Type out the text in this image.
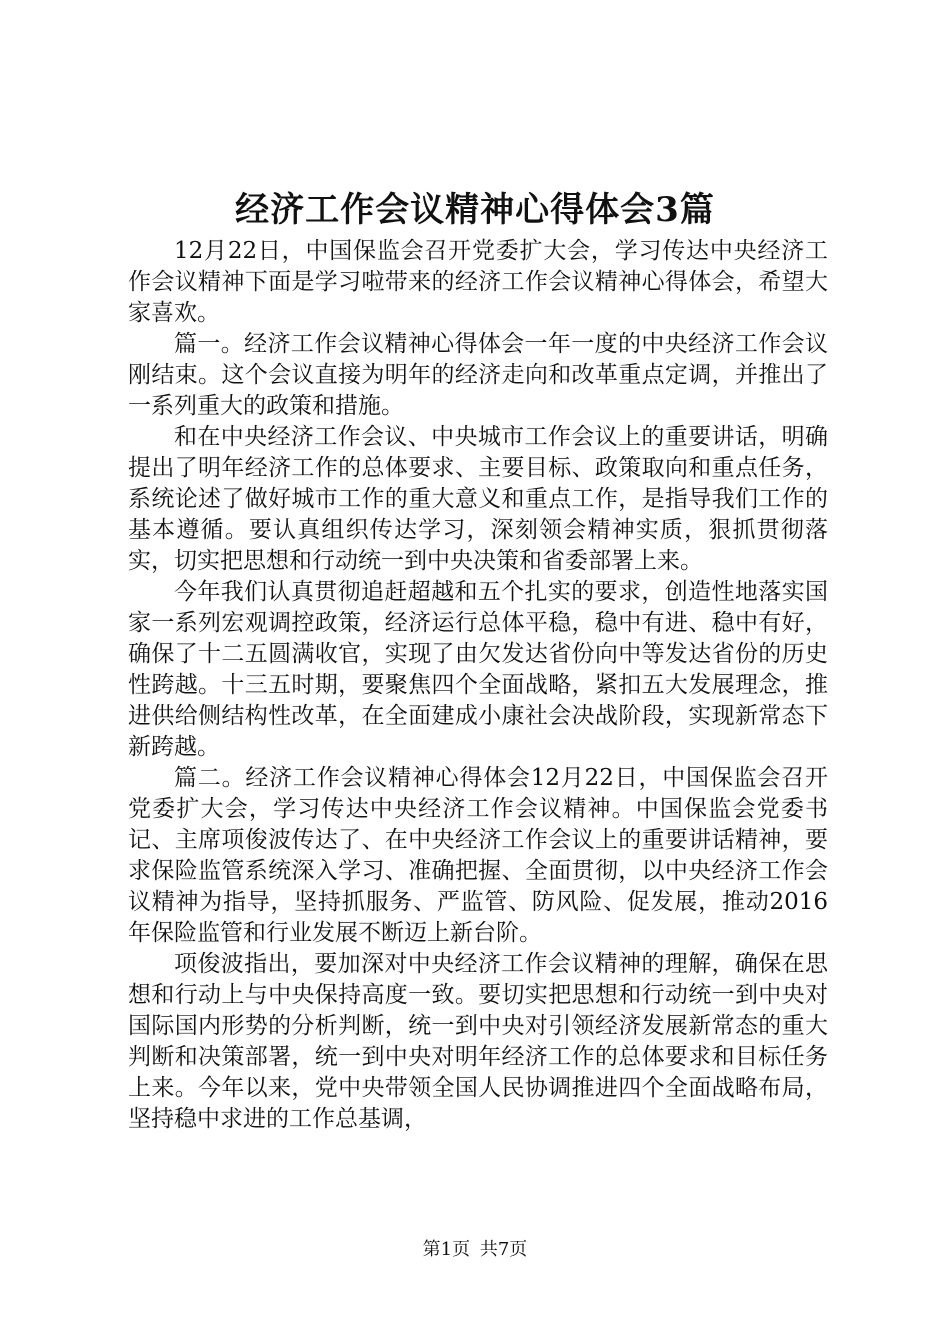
经济工作会议精神心得体会3篇

12月22日，中国保监会召开党委扩大会，学习传达中央经济工作会议精神下面是学习啦带来的经济工作会议精神心得体会，希望大家喜欢。

篇一。经济工作会议精神心得体会一年一度的中央经济工作会议刚结束。这个会议直接为明年的经济走向和改革重点定调，并推出了一系列重大的政策和措施。

和在中央经济工作会议、中央城市工作会议上的重要讲话，明确提出了明年经济工作的总体要求、主要目标、政策取向和重点任务，系统论述了做好城市工作的重大意义和重点工作，是指导我们工作的基本遵循。要认真组织传达学习，深刻领会精神实质，狠抓贯彻落实，切实把思想和行动统一到中央决策和省委部署上来。

今年我们认真贯彻追赶超越和五个扎实的要求，创造性地落实国家一系列宏观调控政策，经济运行总体平稳，稳中有进、稳中有好，确保了十二五圆满收官，实现了由欠发达省份向中等发达省份的历史性跨越。十三五时期，要聚焦四个全面战略，紧扣五大发展理念，推进供给侧结构性改革，在全面建成小康社会决战阶段，实现新常态下新跨越。

篇二。经济工作会议精神心得体会12月22日，中国保监会召开党委扩大会，学习传达中央经济工作会议精神。中国保监会党委书记、主席项俊波传达了、在中央经济工作会议上的重要讲话精神，要求保险监管系统深入学习、准确把握、全面贯彻，以中央经济工作会议精神为指导，坚持抓服务、严监管、防风险、促发展，推动2016年保险监管和行业发展不断迈上新台阶。

项俊波指出，要加深对中央经济工作会议精神的理解，确保在思想和行动上与中央保持高度一致。要切实把思想和行动统一到中央对国际国内形势的分析判断，统一到中央对引领经济发展新常态的重大判断和决策部署，统一到中央对明年经济工作的总体要求和目标任务上来。今年以来，党中央带领全国人民协调推进四个全面战略布局，坚持稳中求进的工作总基调，

第1页 共7页
